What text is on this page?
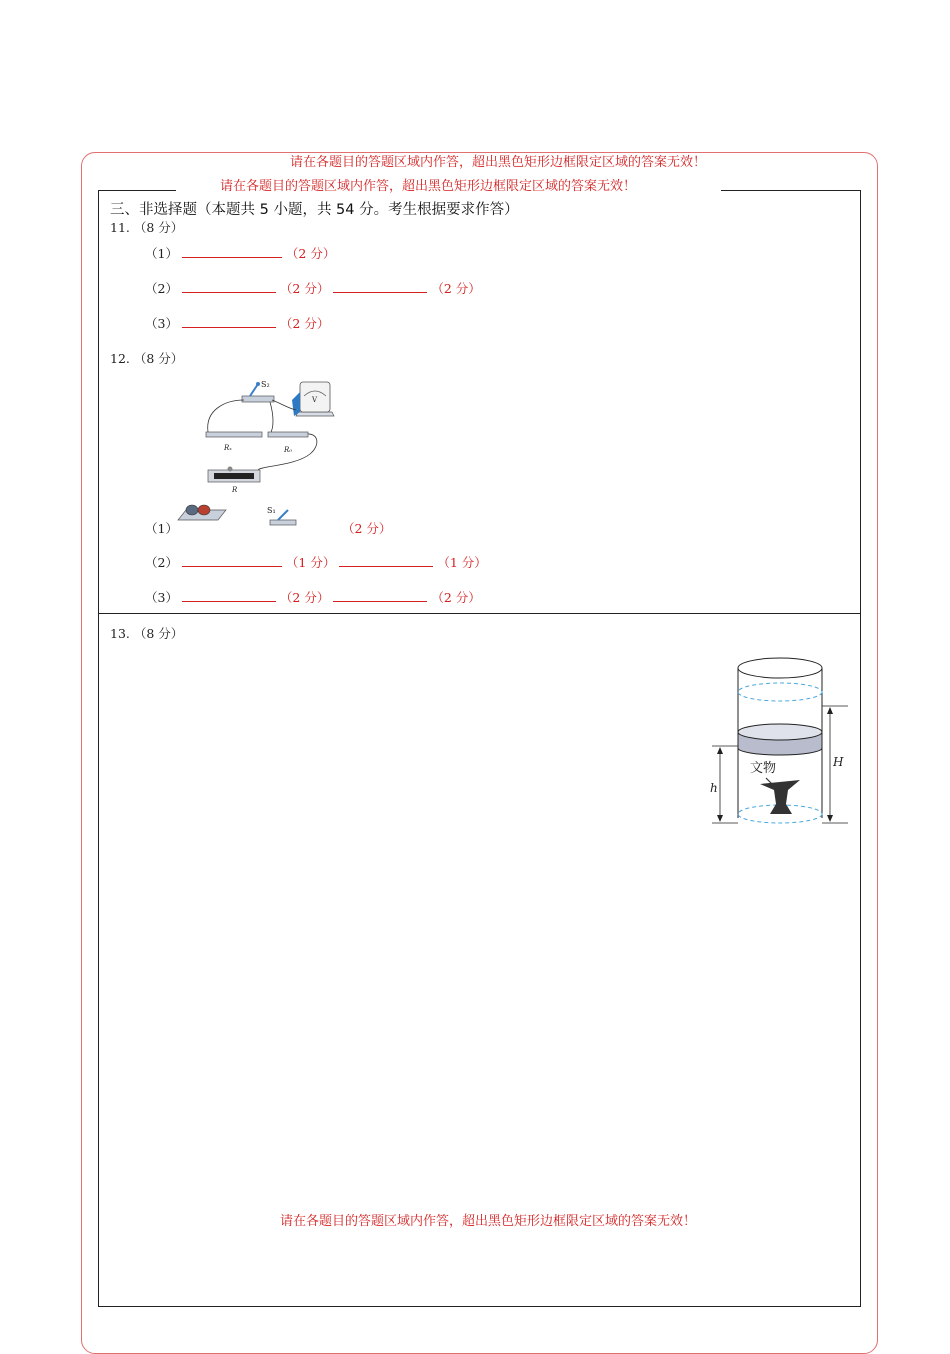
请在各题目的答题区域内作答，超出黑色矩形边框限定区域的答案无效！
请在各题目的答题区域内作答，超出黑色矩形边框限定区域的答案无效！
三、非选择题（本题共 5 小题，共 54 分。考生根据要求作答）
11. （8 分）
（1）	（2 分）
（2）	（2 分）	（2 分）
（3）	（2 分）
12. （8 分）
S₂
V
Rₓ	R₀
R
S₁
（1）	（2 分）
（2）	（1 分）	（1 分）
（3）	（2 分）	（2 分）
13. （8 分）
文物
h
H
请在各题目的答题区域内作答，超出黑色矩形边框限定区域的答案无效！
